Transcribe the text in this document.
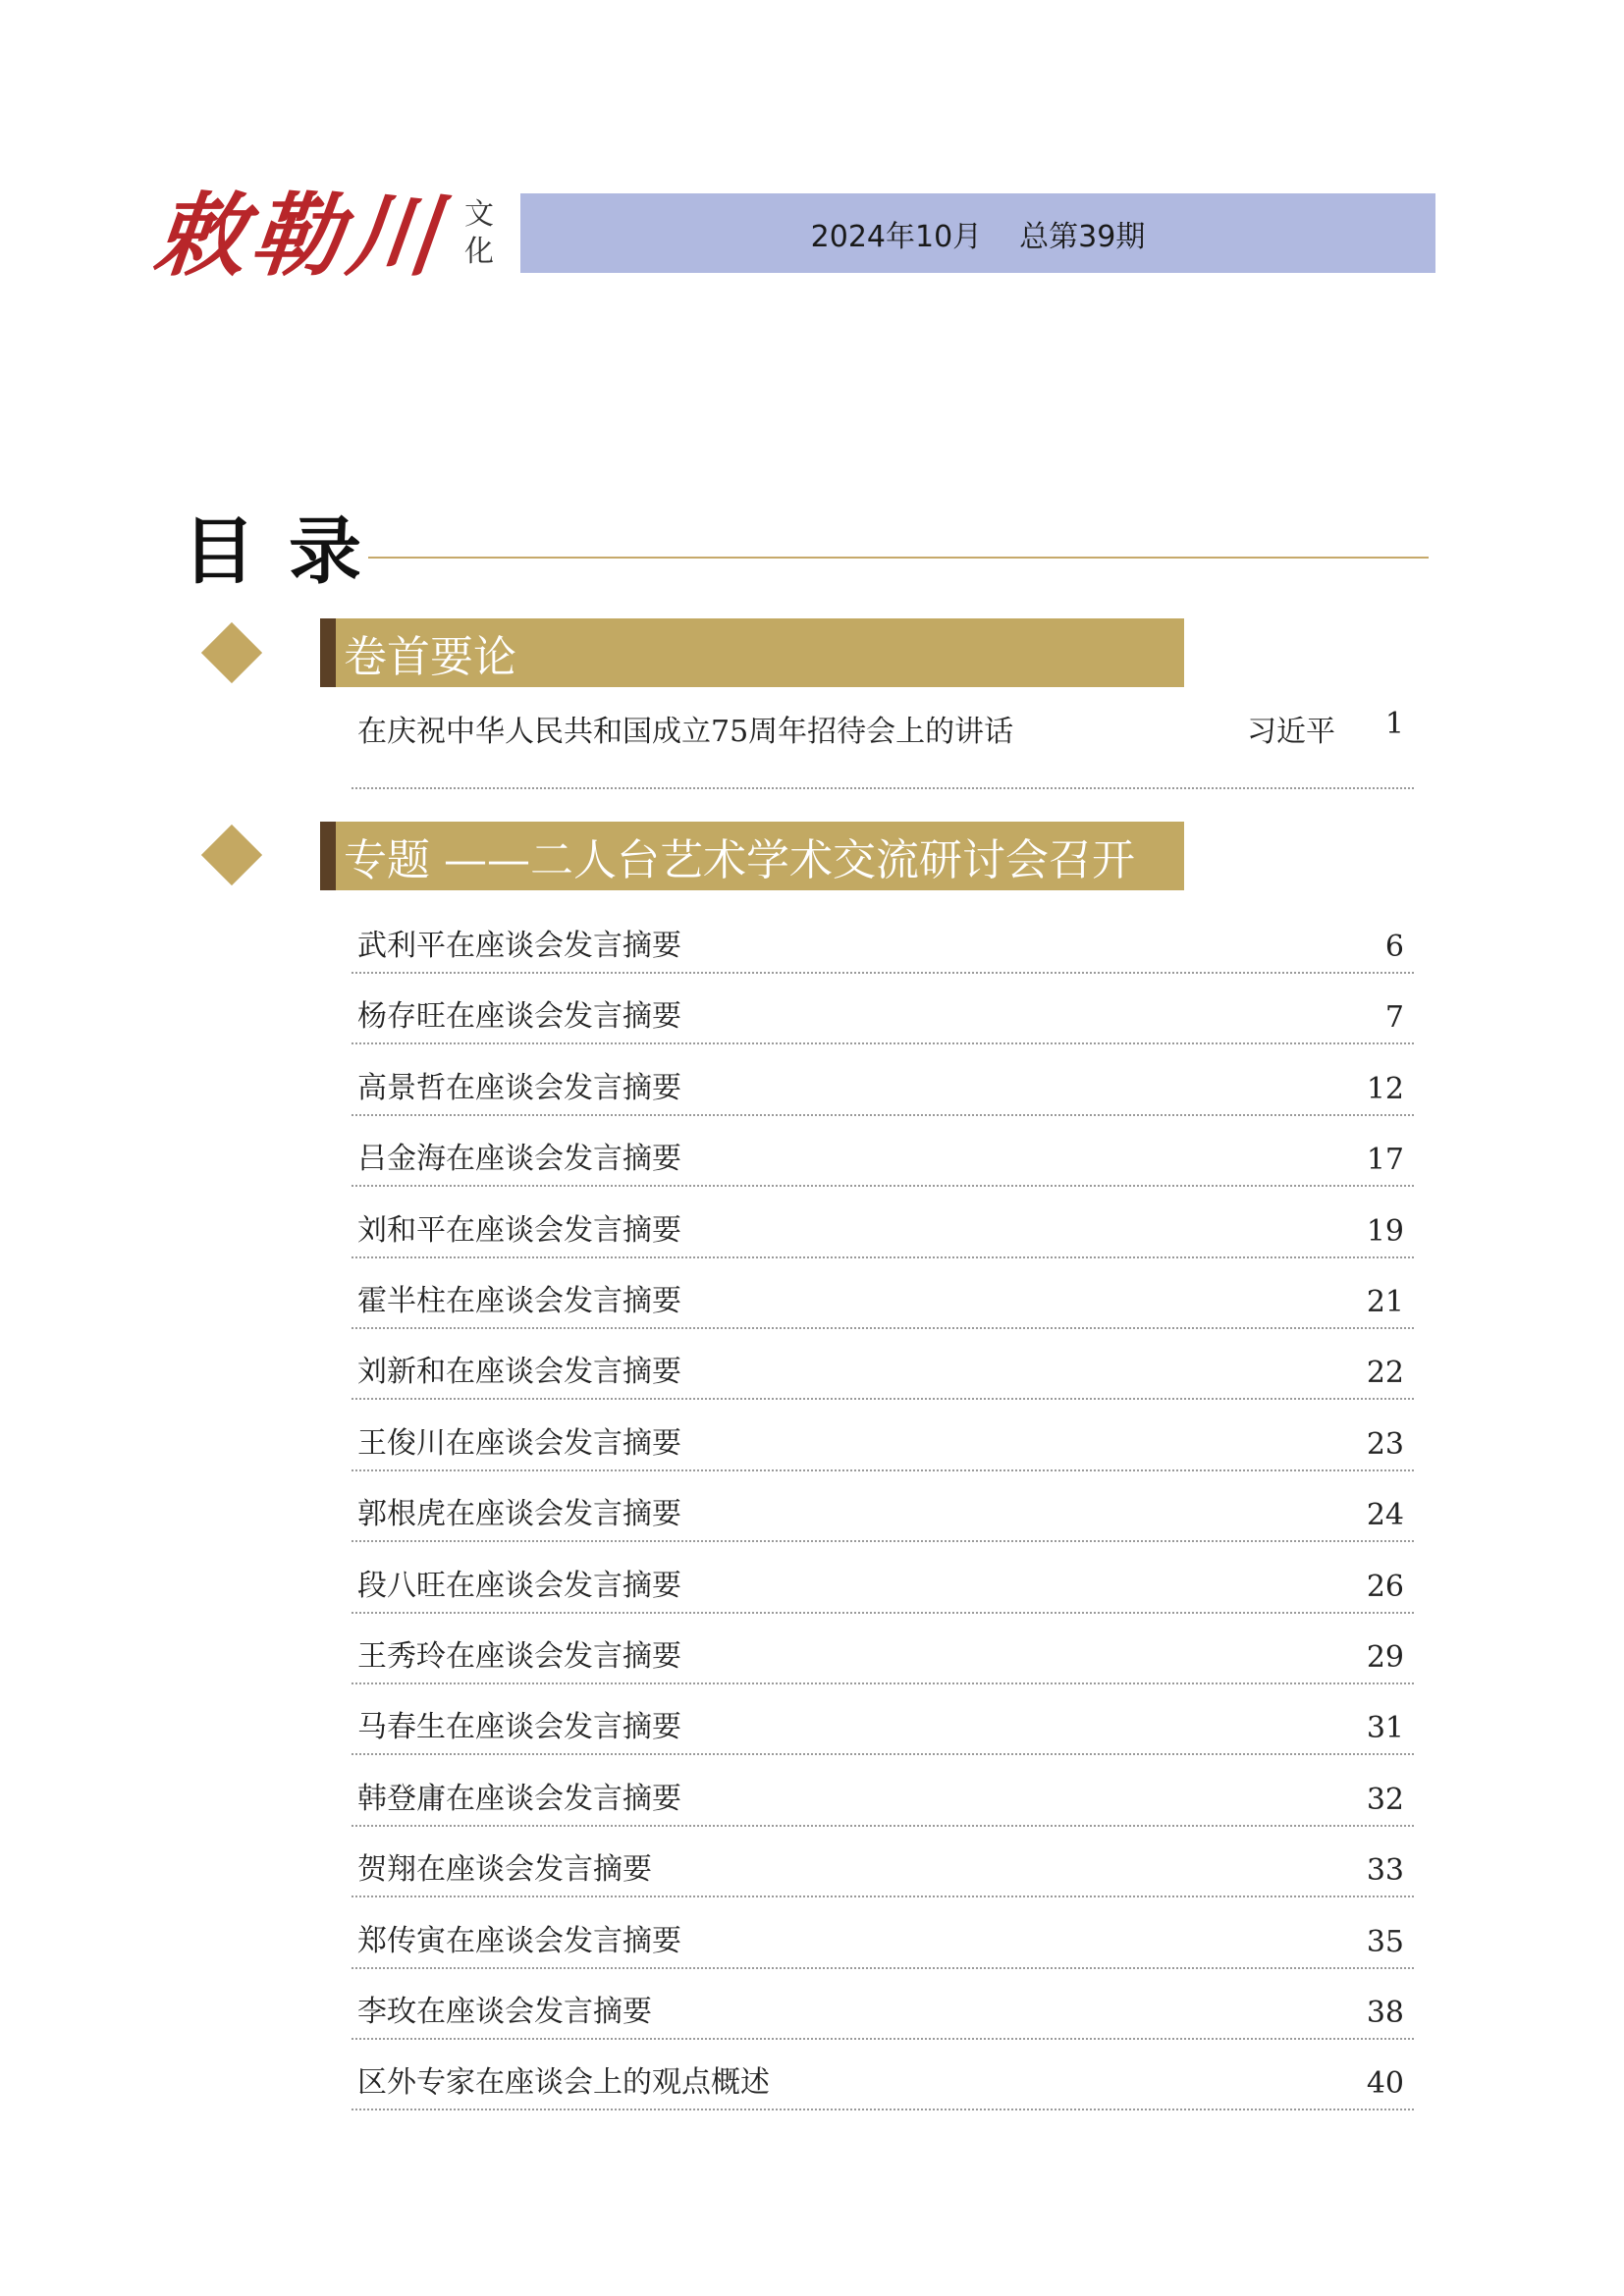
敕勒川 文
化	2024年10月 总第39期
目录
卷首要论
在庆祝中华人民共和国成立75周年招待会上的讲话	习近平	1
专题 ——二人台艺术学术交流研讨会召开
武利平在座谈会发言摘要	6
杨存旺在座谈会发言摘要	7
高景哲在座谈会发言摘要	12
吕金海在座谈会发言摘要	17
刘和平在座谈会发言摘要	19
霍半柱在座谈会发言摘要	21
刘新和在座谈会发言摘要	22
王俊川在座谈会发言摘要	23
郭根虎在座谈会发言摘要	24
段八旺在座谈会发言摘要	26
王秀玲在座谈会发言摘要	29
马春生在座谈会发言摘要	31
韩登庸在座谈会发言摘要	32
贺翔在座谈会发言摘要	33
郑传寅在座谈会发言摘要	35
李玫在座谈会发言摘要	38
区外专家在座谈会上的观点概述	40
